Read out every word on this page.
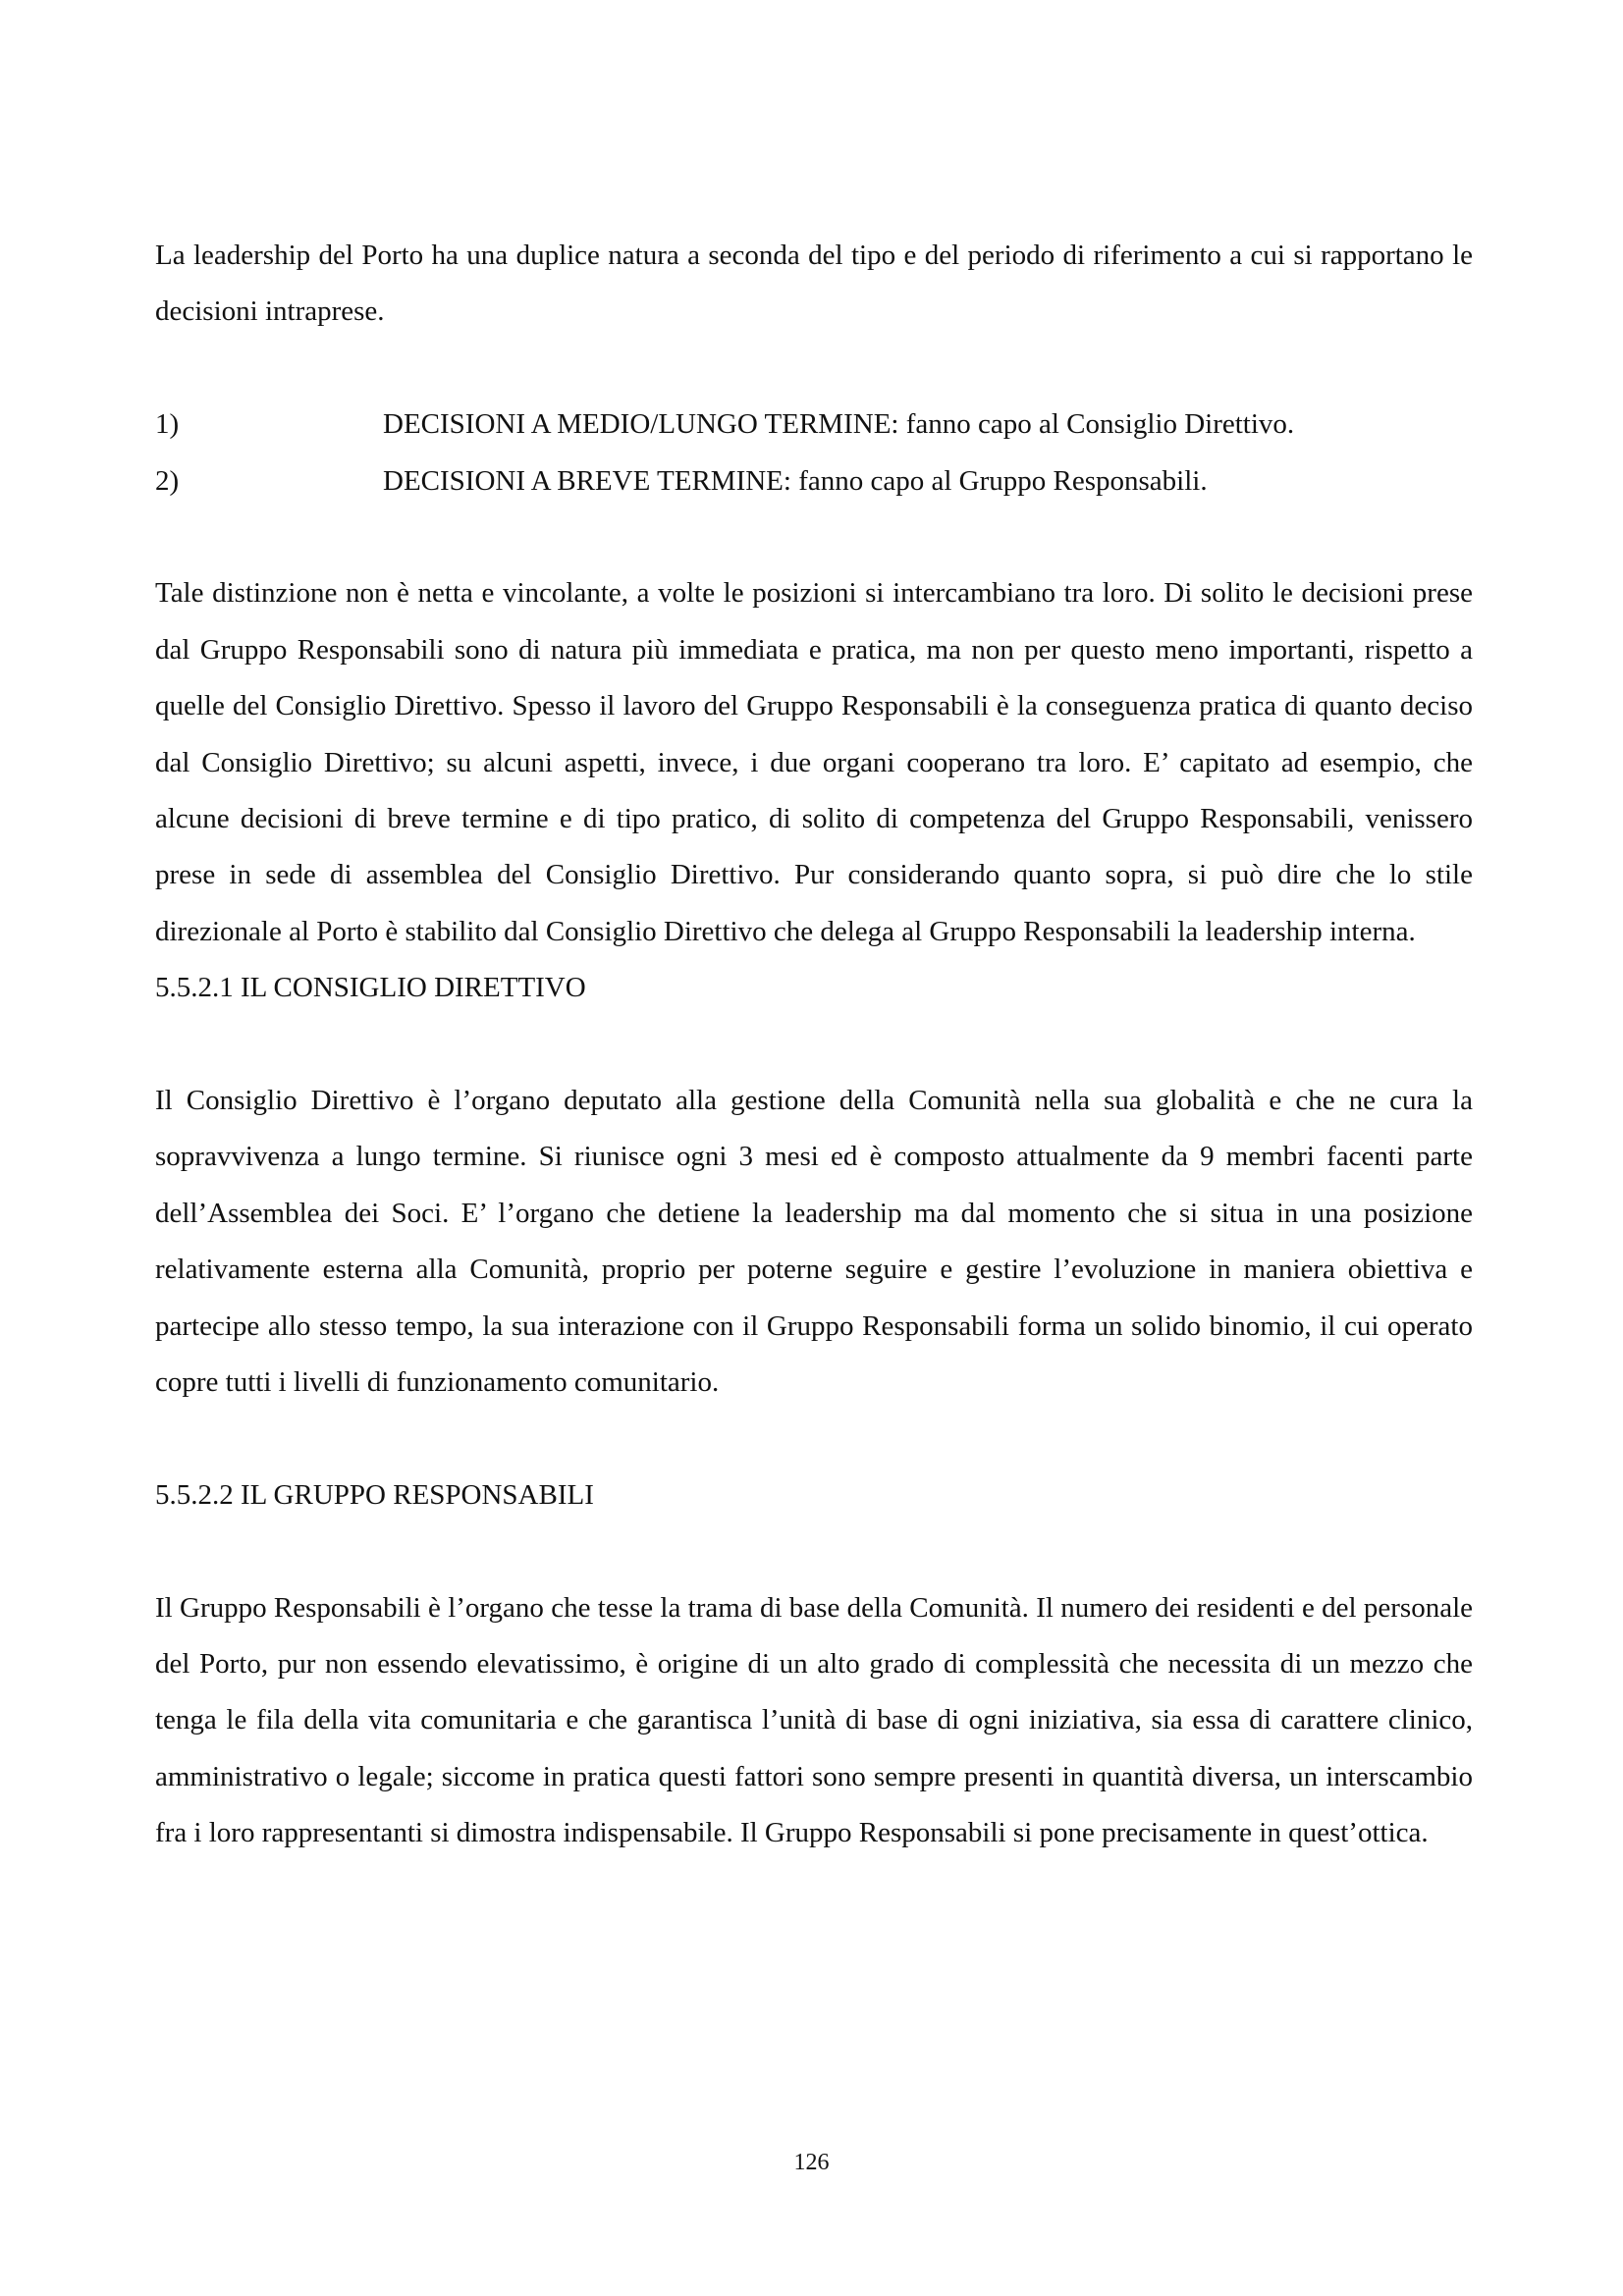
La leadership del Porto ha una duplice natura a seconda del tipo e del periodo di riferimento a cui si rapportano le decisioni intraprese.

1)	DECISIONI A MEDIO/LUNGO TERMINE: fanno capo al Consiglio Direttivo.
2)	DECISIONI A BREVE TERMINE: fanno capo al Gruppo Responsabili.

Tale distinzione non è netta e vincolante, a volte le posizioni si intercambiano tra loro. Di solito le decisioni prese dal Gruppo Responsabili sono di natura più immediata e pratica, ma non per questo meno importanti, rispetto a quelle del Consiglio Direttivo. Spesso il lavoro del Gruppo Responsabili è la conseguenza pratica di quanto deciso dal Consiglio Direttivo; su alcuni aspetti, invece, i due organi cooperano tra loro. E’ capitato ad esempio, che alcune decisioni di breve termine e di tipo pratico, di solito di competenza del Gruppo Responsabili, venissero prese in sede di assemblea del Consiglio Direttivo. Pur considerando quanto sopra, si può dire che lo stile direzionale al Porto è stabilito dal Consiglio Direttivo che delega al Gruppo Responsabili la leadership interna.

5.5.2.1 IL CONSIGLIO DIRETTIVO

Il Consiglio Direttivo è l’organo deputato alla gestione della Comunità nella sua globalità e che ne cura la sopravvivenza a lungo termine. Si riunisce ogni 3 mesi ed è composto attualmente da 9 membri facenti parte dell’Assemblea dei Soci. E’ l’organo che detiene la leadership ma dal momento che si situa in una posizione relativamente esterna alla Comunità, proprio per poterne seguire e gestire l’evoluzione in maniera obiettiva e partecipe allo stesso tempo, la sua interazione con il Gruppo Responsabili forma un solido binomio, il cui operato copre tutti i livelli di funzionamento comunitario.

5.5.2.2 IL GRUPPO RESPONSABILI

Il Gruppo Responsabili è l’organo che tesse la trama di base della Comunità. Il numero dei residenti e del personale del Porto, pur non essendo elevatissimo, è origine di un alto grado di complessità che necessita di un mezzo che tenga le fila della vita comunitaria e che garantisca l’unità di base di ogni iniziativa, sia essa di carattere clinico, amministrativo o legale; siccome in pratica questi fattori sono sempre presenti in quantità diversa, un interscambio fra i loro rappresentanti si dimostra indispensabile. Il Gruppo Responsabili si pone precisamente in quest’ottica.

126
